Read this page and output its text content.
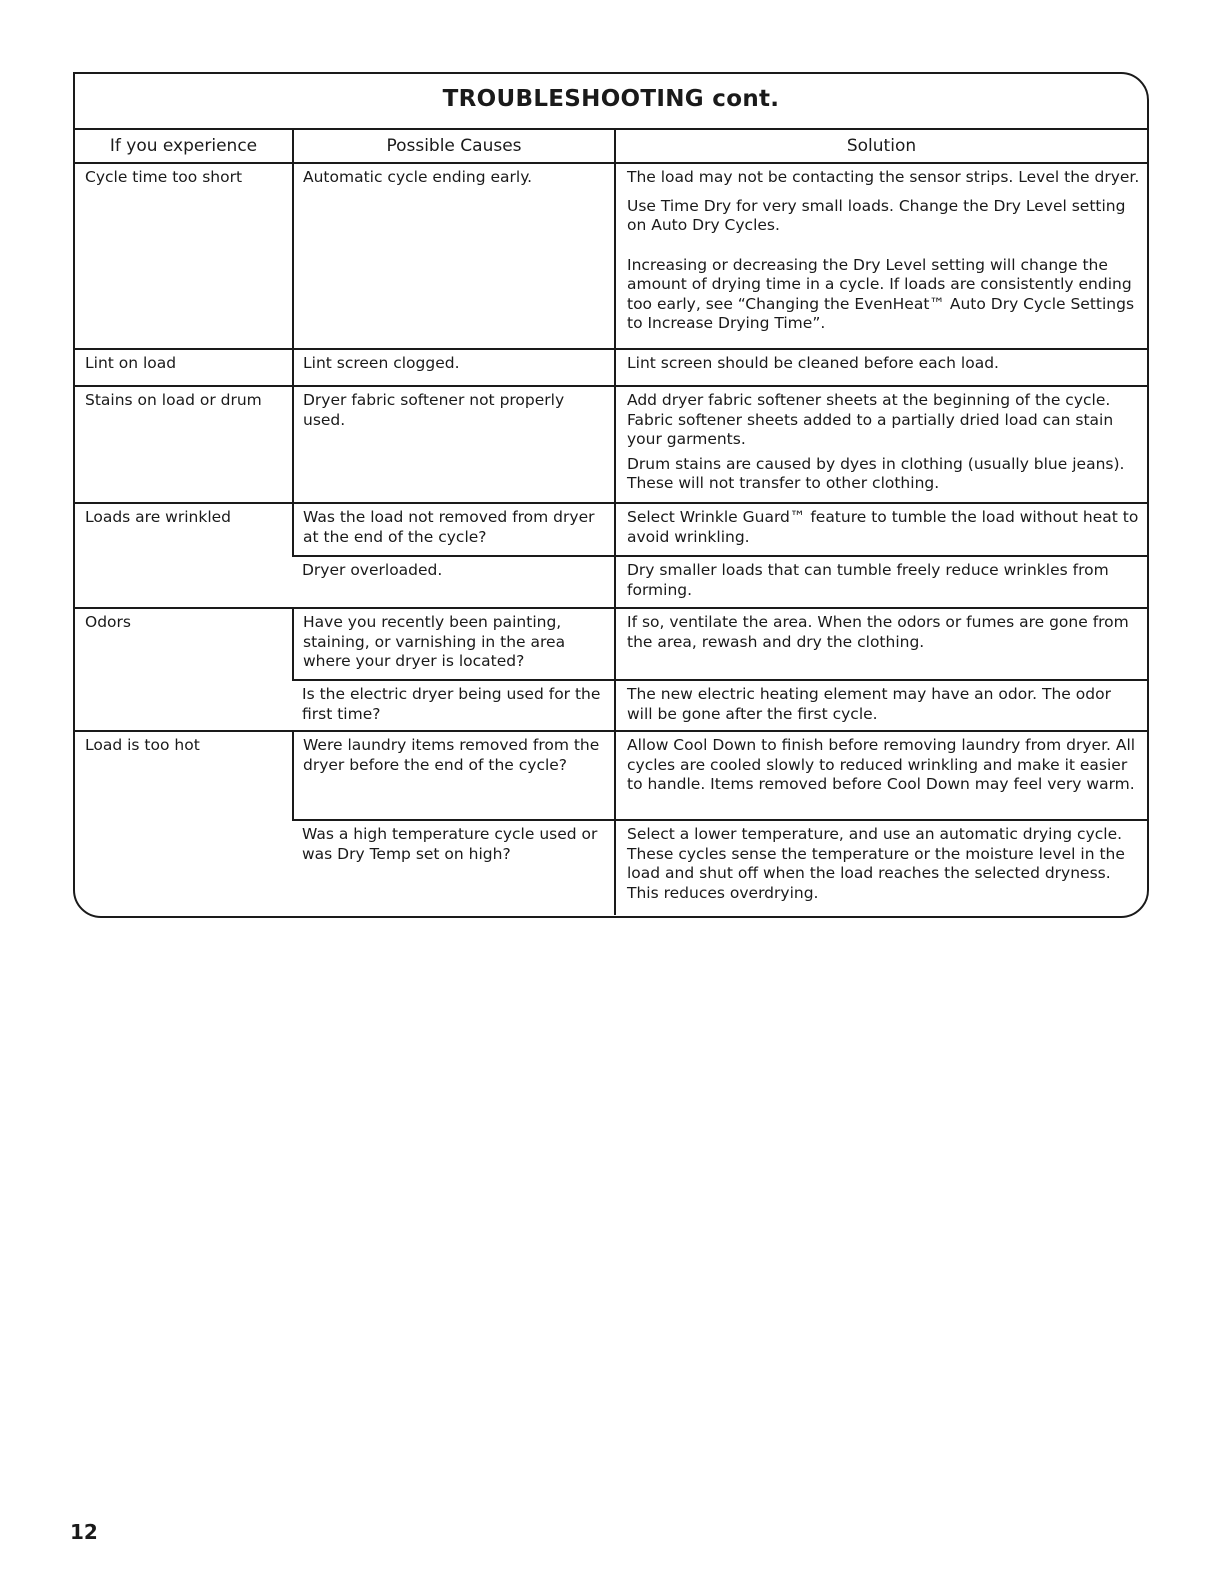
TROUBLESHOOTING cont.
If you experience	Possible Causes	Solution
Cycle time too short	Automatic cycle ending early.	The load may not be contacting the sensor strips. Level the dryer.

Use Time Dry for very small loads. Change the Dry Level setting on Auto Dry Cycles.

Increasing or decreasing the Dry Level setting will change the amount of drying time in a cycle. If loads are consistently ending too early, see “Changing the EvenHeat™ Auto Dry Cycle Settings to Increase Drying Time”.

Lint on load	Lint screen clogged.	Lint screen should be cleaned before each load.

Stains on load or drum	Dryer fabric softener not properly used.	Add dryer fabric softener sheets at the beginning of the cycle. Fabric softener sheets added to a partially dried load can stain your garments.

Drum stains are caused by dyes in clothing (usually blue jeans). These will not transfer to other clothing.

Loads are wrinkled	Was the load not removed from dryer at the end of the cycle?	Select Wrinkle Guard™ feature to tumble the load without heat to avoid wrinkling.

	Dryer overloaded.	Dry smaller loads that can tumble freely reduce wrinkles from forming.

Odors	Have you recently been painting, staining, or varnishing in the area where your dryer is located?	If so, ventilate the area. When the odors or fumes are gone from the area, rewash and dry the clothing.

	Is the electric dryer being used for the first time?	The new electric heating element may have an odor. The odor will be gone after the first cycle.

Load is too hot	Were laundry items removed from the dryer before the end of the cycle?	Allow Cool Down to finish before removing laundry from dryer. All cycles are cooled slowly to reduced wrinkling and make it easier to handle. Items removed before Cool Down may feel very warm.

	Was a high temperature cycle used or was Dry Temp set on high?	Select a lower temperature, and use an automatic drying cycle. These cycles sense the temperature or the moisture level in the load and shut off when the load reaches the selected dryness. This reduces overdrying.

12
